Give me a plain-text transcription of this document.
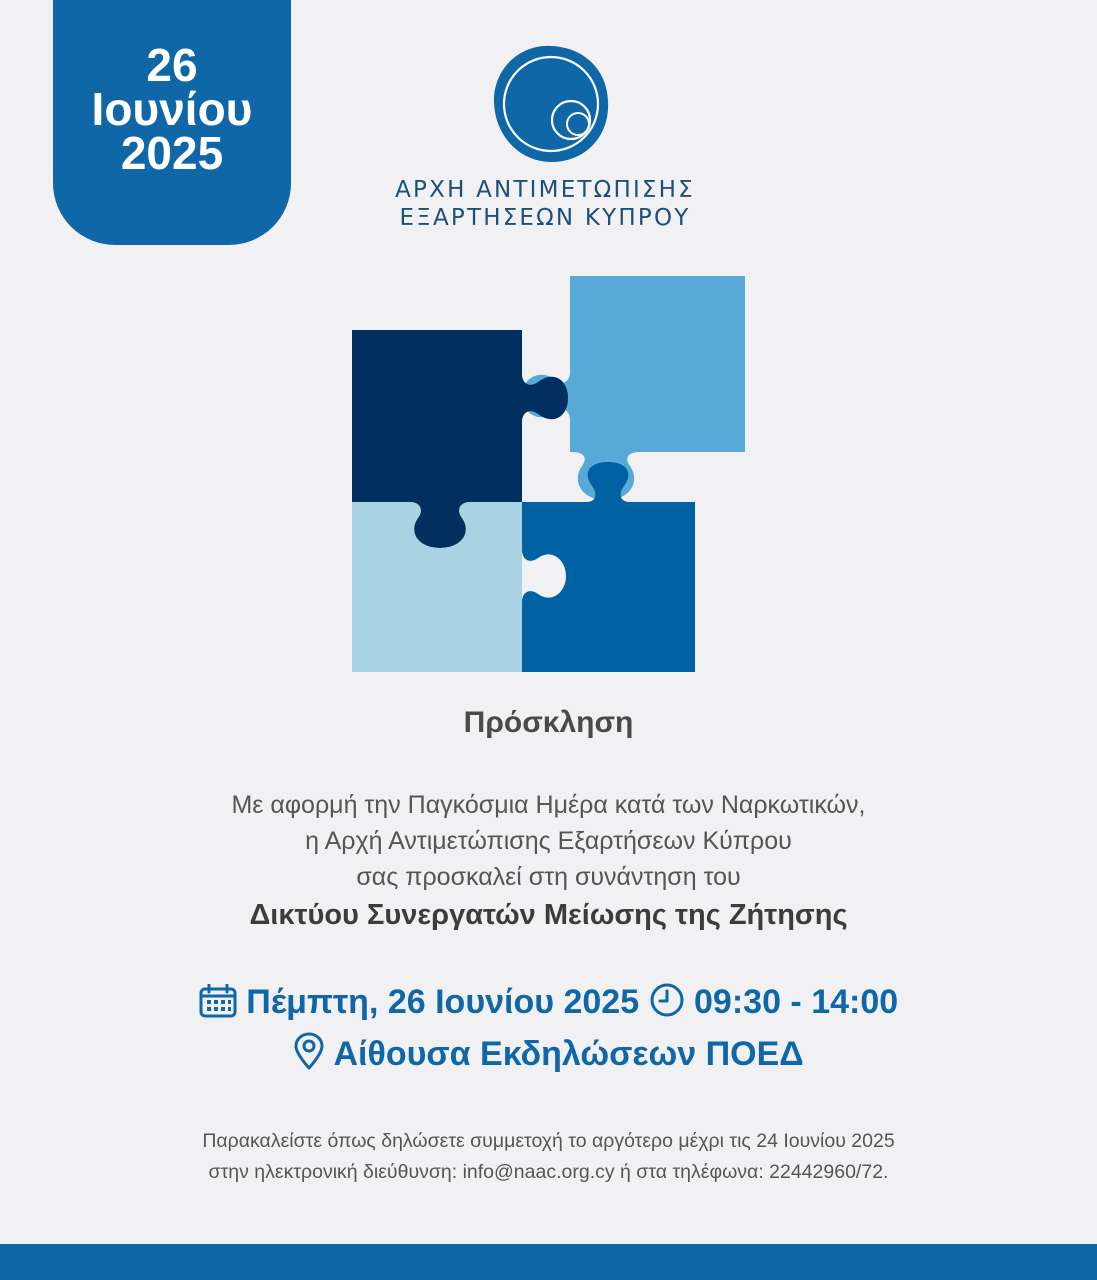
26
Ιουνίου
2025
ΑΡΧΗ ΑΝΤΙΜΕΤΩΠΙΣΗΣ
ΕΞΑΡΤΗΣΕΩΝ ΚΥΠΡΟΥ
Πρόσκληση
Με αφορμή την Παγκόσμια Ημέρα κατά των Ναρκωτικών,
η Αρχή Αντιμετώπισης Εξαρτήσεων Κύπρου
σας προσκαλεί στη συνάντηση του
Δικτύου Συνεργατών Μείωσης της Ζήτησης
Πέμπτη, 26 Ιουνίου 2025 09:30 - 14:00
Αίθουσα Εκδηλώσεων ΠΟΕΔ
Παρακαλείστε όπως δηλώσετε συμμετοχή το αργότερο μέχρι τις 24 Ιουνίου 2025
στην ηλεκτρονική διεύθυνση: info@naac.org.cy ή στα τηλέφωνα: 22442960/72.
